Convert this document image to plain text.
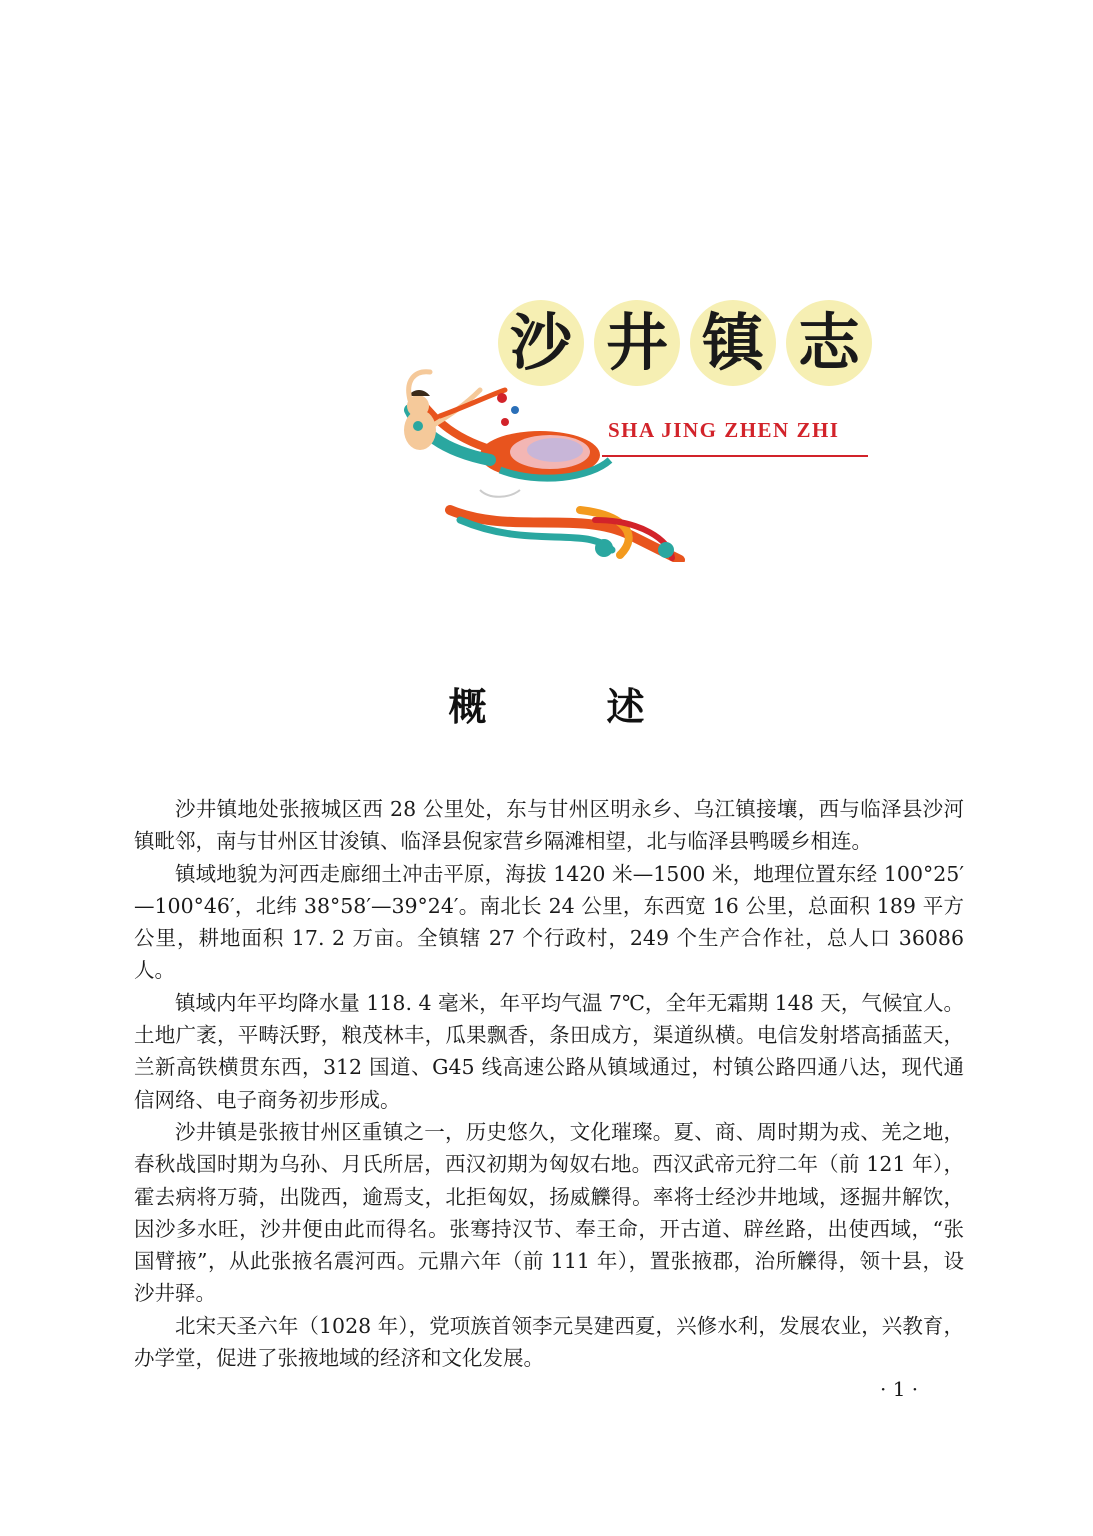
沙 井 镇 志
SHA JING ZHEN ZHI
概	述

沙井镇地处张掖城区西 28 公里处，东与甘州区明永乡、乌江镇接壤，西与临泽县沙河镇毗邻，南与甘州区甘浚镇、临泽县倪家营乡隔滩相望，北与临泽县鸭暖乡相连。

镇域地貌为河西走廊细土冲击平原，海拔 1420 米—1500 米，地理位置东经 100°25′—100°46′，北纬 38°58′—39°24′。南北长 24 公里，东西宽 16 公里，总面积 189 平方公里，耕地面积 17. 2 万亩。全镇辖 27 个行政村，249 个生产合作社，总人口 36086 人。

镇域内年平均降水量 118. 4 毫米，年平均气温 7℃，全年无霜期 148 天，气候宜人。土地广袤，平畴沃野，粮茂林丰，瓜果飘香，条田成方，渠道纵横。电信发射塔高插蓝天，兰新高铁横贯东西，312 国道、G45 线高速公路从镇域通过，村镇公路四通八达，现代通信网络、电子商务初步形成。

沙井镇是张掖甘州区重镇之一，历史悠久，文化璀璨。夏、商、周时期为戎、羌之地，春秋战国时期为乌孙、月氏所居，西汉初期为匈奴右地。西汉武帝元狩二年（前 121 年），霍去病将万骑，出陇西，逾焉支，北拒匈奴，扬威觻得。率将士经沙井地域，逐掘井解饮，因沙多水旺，沙井便由此而得名。张骞持汉节、奉王命，开古道、辟丝路，出使西域，“张国臂掖”，从此张掖名震河西。元鼎六年（前 111 年），置张掖郡，治所觻得，领十县，设沙井驿。

北宋天圣六年（1028 年），党项族首领李元昊建西夏，兴修水利，发展农业，兴教育，办学堂，促进了张掖地域的经济和文化发展。

· 1 ·
